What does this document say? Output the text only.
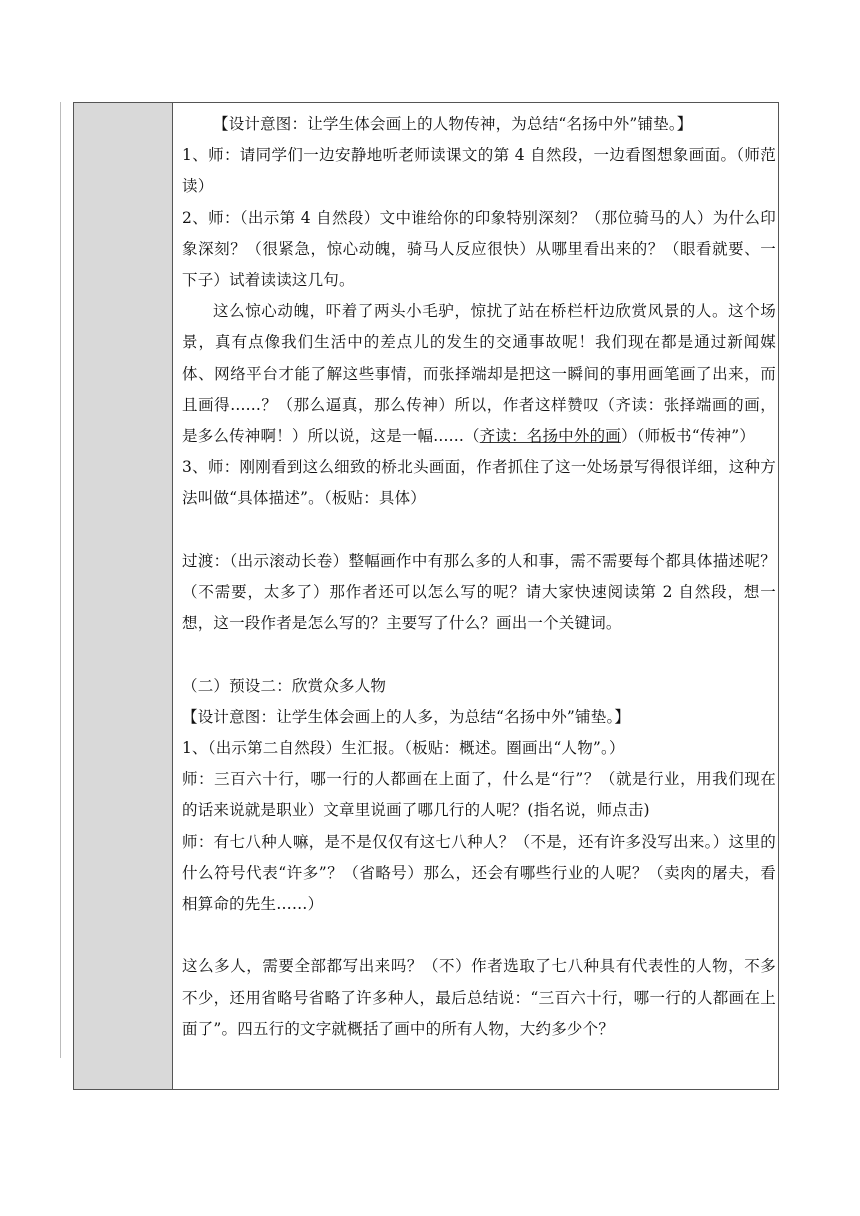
【设计意图：让学生体会画上的人物传神，为总结“名扬中外”铺垫。】

1、师：请同学们一边安静地听老师读课文的第 4 自然段，一边看图想象画面。（师范读）

2、师：（出示第 4 自然段）文中谁给你的印象特别深刻？（那位骑马的人）为什么印象深刻？（很紧急，惊心动魄，骑马人反应很快）从哪里看出来的？（眼看就要、一下子）试着读读这几句。

这么惊心动魄，吓着了两头小毛驴，惊扰了站在桥栏杆边欣赏风景的人。这个场景，真有点像我们生活中的差点儿的发生的交通事故呢！我们现在都是通过新闻媒体、网络平台才能了解这些事情，而张择端却是把这一瞬间的事用画笔画了出来，而且画得......？（那么逼真，那么传神）所以，作者这样赞叹（齐读：张择端画的画，是多么传神啊！）所以说，这是一幅......（齐读：名扬中外的画）（师板书“传神”）

3、师：刚刚看到这么细致的桥北头画面，作者抓住了这一处场景写得很详细，这种方法叫做“具体描述”。（板贴：具体）

过渡：（出示滚动长卷）整幅画作中有那么多的人和事，需不需要每个都具体描述呢？（不需要，太多了）那作者还可以怎么写的呢？请大家快速阅读第 2 自然段，想一想，这一段作者是怎么写的？主要写了什么？画出一个关键词。

（二）预设二：欣赏众多人物

【设计意图：让学生体会画上的人多，为总结“名扬中外”铺垫。】

1、（出示第二自然段）生汇报。（板贴：概述。圈画出“人物”。）

师：三百六十行，哪一行的人都画在上面了，什么是“行”？（就是行业，用我们现在的话来说就是职业）文章里说画了哪几行的人呢？(指名说，师点击)

师：有七八种人嘛，是不是仅仅有这七八种人？（不是，还有许多没写出来。）这里的什么符号代表“许多”？（省略号）那么，还会有哪些行业的人呢？（卖肉的屠夫，看相算命的先生……）

这么多人，需要全部都写出来吗？（不）作者选取了七八种具有代表性的人物，不多不少，还用省略号省略了许多种人，最后总结说：“三百六十行，哪一行的人都画在上面了”。四五行的文字就概括了画中的所有人物，大约多少个？
